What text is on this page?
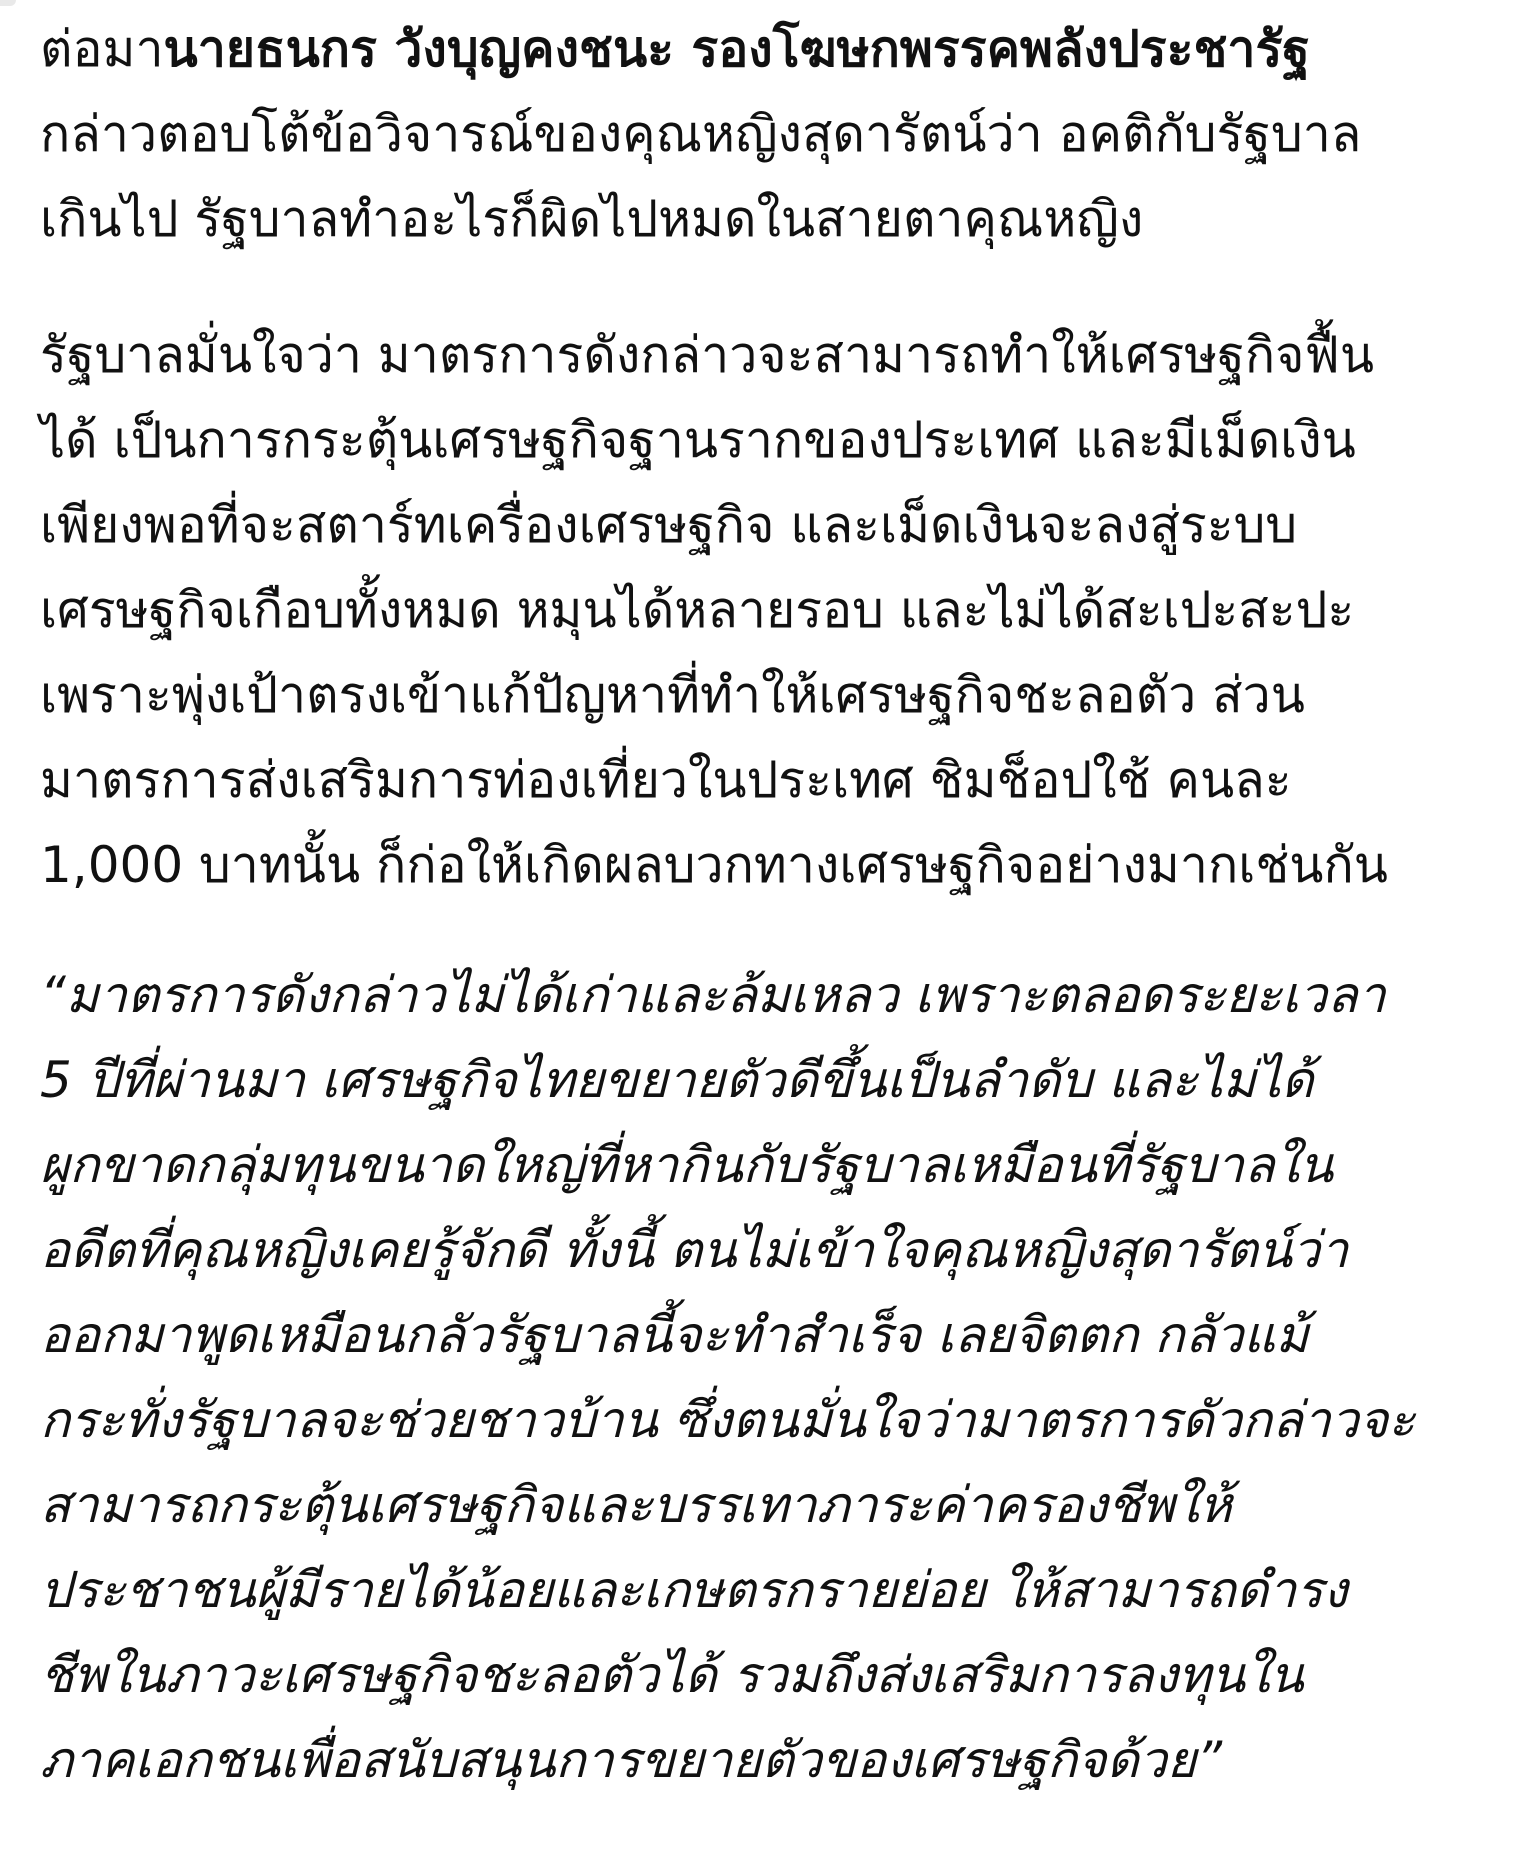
ต่อมานายธนกร วังบุญคงชนะ รองโฆษกพรรคพลังประชารัฐ
กล่าวตอบโต้ข้อวิจารณ์ของคุณหญิงสุดารัตน์ว่า อคติกับรัฐบาล
เกินไป รัฐบาลทำอะไรก็ผิดไปหมดในสายตาคุณหญิง

รัฐบาลมั่นใจว่า มาตรการดังกล่าวจะสามารถทำให้เศรษฐกิจฟื้น
ได้ เป็นการกระตุ้นเศรษฐกิจฐานรากของประเทศ และมีเม็ดเงิน
เพียงพอที่จะสตาร์ทเครื่องเศรษฐกิจ และเม็ดเงินจะลงสู่ระบบ
เศรษฐกิจเกือบทั้งหมด หมุนได้หลายรอบ และไม่ได้สะเปะสะปะ
เพราะพุ่งเป้าตรงเข้าแก้ปัญหาที่ทำให้เศรษฐกิจชะลอตัว ส่วน
มาตรการส่งเสริมการท่องเที่ยวในประเทศ ชิมช็อปใช้ คนละ
1,000 บาทนั้น ก็ก่อให้เกิดผลบวกทางเศรษฐกิจอย่างมากเช่นกัน

“มาตรการดังกล่าวไม่ได้เก่าและล้มเหลว เพราะตลอดระยะเวลา
5 ปีที่ผ่านมา เศรษฐกิจไทยขยายตัวดีขึ้นเป็นลำดับ และไม่ได้
ผูกขาดกลุ่มทุนขนาดใหญ่ที่หากินกับรัฐบาลเหมือนที่รัฐบาลใน
อดีตที่คุณหญิงเคยรู้จักดี ทั้งนี้ ตนไม่เข้าใจคุณหญิงสุดารัตน์ว่า
ออกมาพูดเหมือนกลัวรัฐบาลนี้จะทำสำเร็จ เลยจิตตก กลัวแม้
กระทั่งรัฐบาลจะช่วยชาวบ้าน ซึ่งตนมั่นใจว่ามาตรการดัวกล่าวจะ
สามารถกระตุ้นเศรษฐกิจและบรรเทาภาระค่าครองชีพให้
ประชาชนผู้มีรายได้น้อยและเกษตรกรายย่อย ให้สามารถดำรง
ชีพในภาวะเศรษฐกิจชะลอตัวได้ รวมถึงส่งเสริมการลงทุนใน
ภาคเอกชนเพื่อสนับสนุนการขยายตัวของเศรษฐกิจด้วย”
